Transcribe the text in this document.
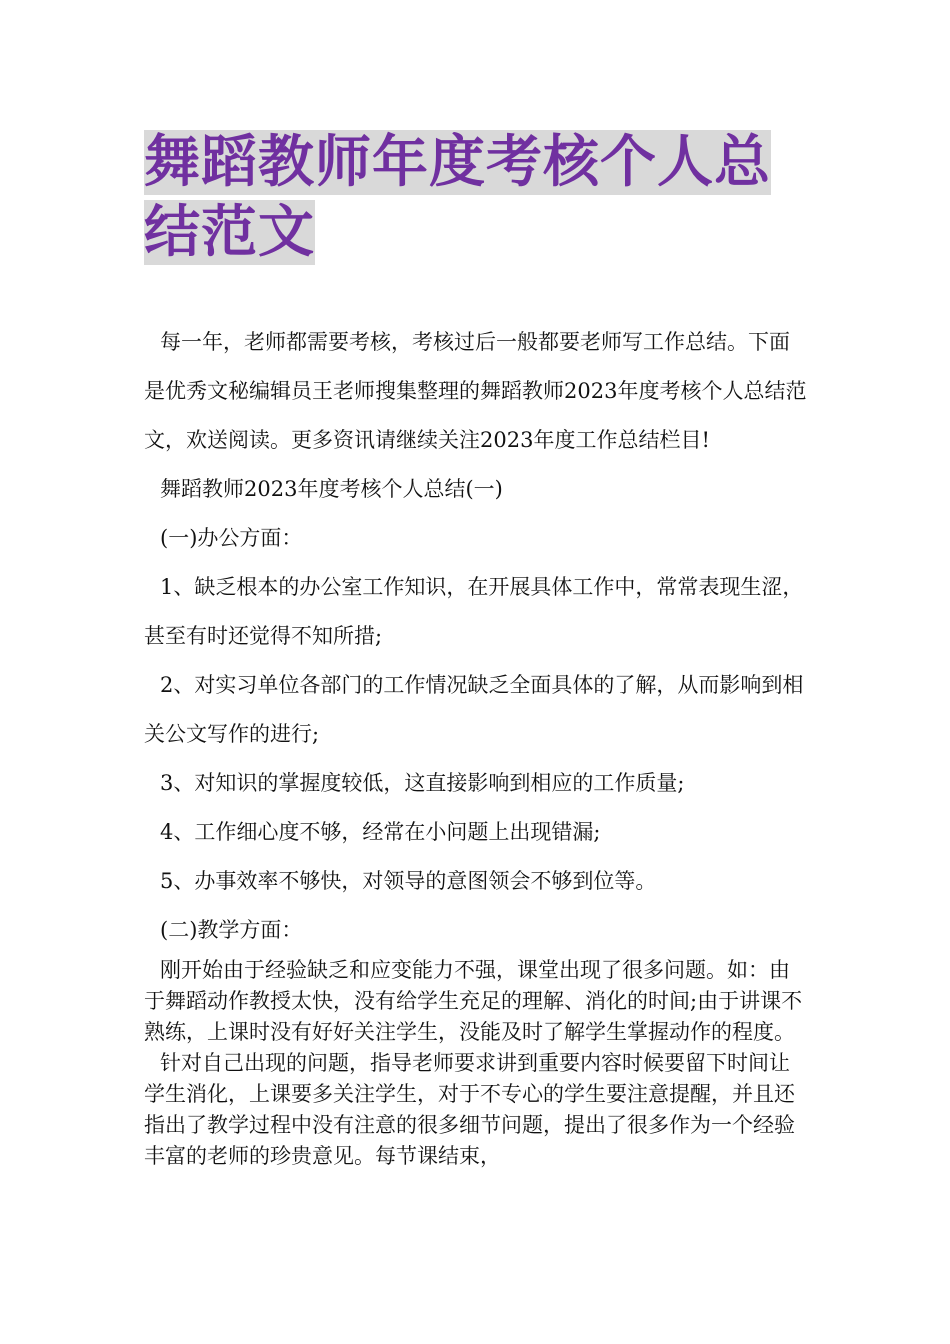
舞蹈教师年度考核个人总结范文

每一年，老师都需要考核，考核过后一般都要老师写工作总结。下面是优秀文秘编辑员王老师搜集整理的舞蹈教师2023年度考核个人总结范文，欢送阅读。更多资讯请继续关注2023年度工作总结栏目!

舞蹈教师2023年度考核个人总结(一)

(一)办公方面：

1、缺乏根本的办公室工作知识，在开展具体工作中，常常表现生涩，甚至有时还觉得不知所措;

2、对实习单位各部门的工作情况缺乏全面具体的了解，从而影响到相关公文写作的进行;

3、对知识的掌握度较低，这直接影响到相应的工作质量;

4、工作细心度不够，经常在小问题上出现错漏;

5、办事效率不够快，对领导的意图领会不够到位等。

(二)教学方面：

刚开始由于经验缺乏和应变能力不强，课堂出现了很多问题。如：由于舞蹈动作教授太快，没有给学生充足的理解、消化的时间;由于讲课不熟练，上课时没有好好关注学生，没能及时了解学生掌握动作的程度。

针对自己出现的问题，指导老师要求讲到重要内容时候要留下时间让学生消化，上课要多关注学生，对于不专心的学生要注意提醒，并且还指出了教学过程中没有注意的很多细节问题，提出了很多作为一个经验丰富的老师的珍贵意见。每节课结束，
